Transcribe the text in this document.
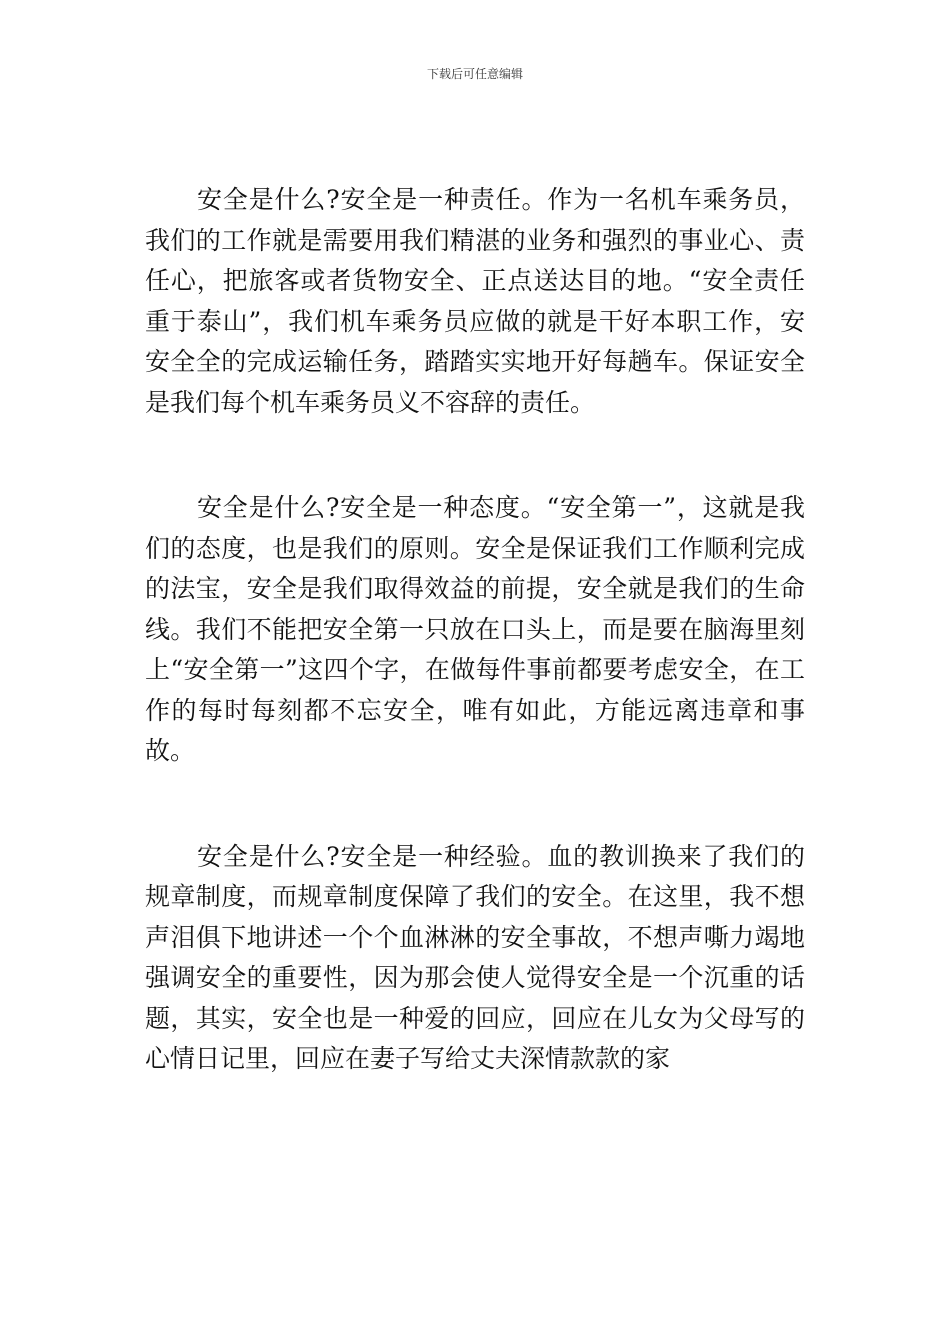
下载后可任意编辑

安全是什么?安全是一种责任。作为一名机车乘务员，我们的工作就是需要用我们精湛的业务和强烈的事业心、责任心，把旅客或者货物安全、正点送达目的地。“安全责任重于泰山”，我们机车乘务员应做的就是干好本职工作，安安全全的完成运输任务，踏踏实实地开好每趟车。保证安全是我们每个机车乘务员义不容辞的责任。

安全是什么?安全是一种态度。“安全第一”，这就是我们的态度，也是我们的原则。安全是保证我们工作顺利完成的法宝，安全是我们取得效益的前提，安全就是我们的生命线。我们不能把安全第一只放在口头上，而是要在脑海里刻上“安全第一”这四个字，在做每件事前都要考虑安全，在工作的每时每刻都不忘安全，唯有如此，方能远离违章和事故。

安全是什么?安全是一种经验。血的教训换来了我们的规章制度，而规章制度保障了我们的安全。在这里，我不想声泪俱下地讲述一个个血淋淋的安全事故，不想声嘶力竭地强调安全的重要性，因为那会使人觉得安全是一个沉重的话题，其实，安全也是一种爱的回应，回应在儿女为父母写的心情日记里，回应在妻子写给丈夫深情款款的家
